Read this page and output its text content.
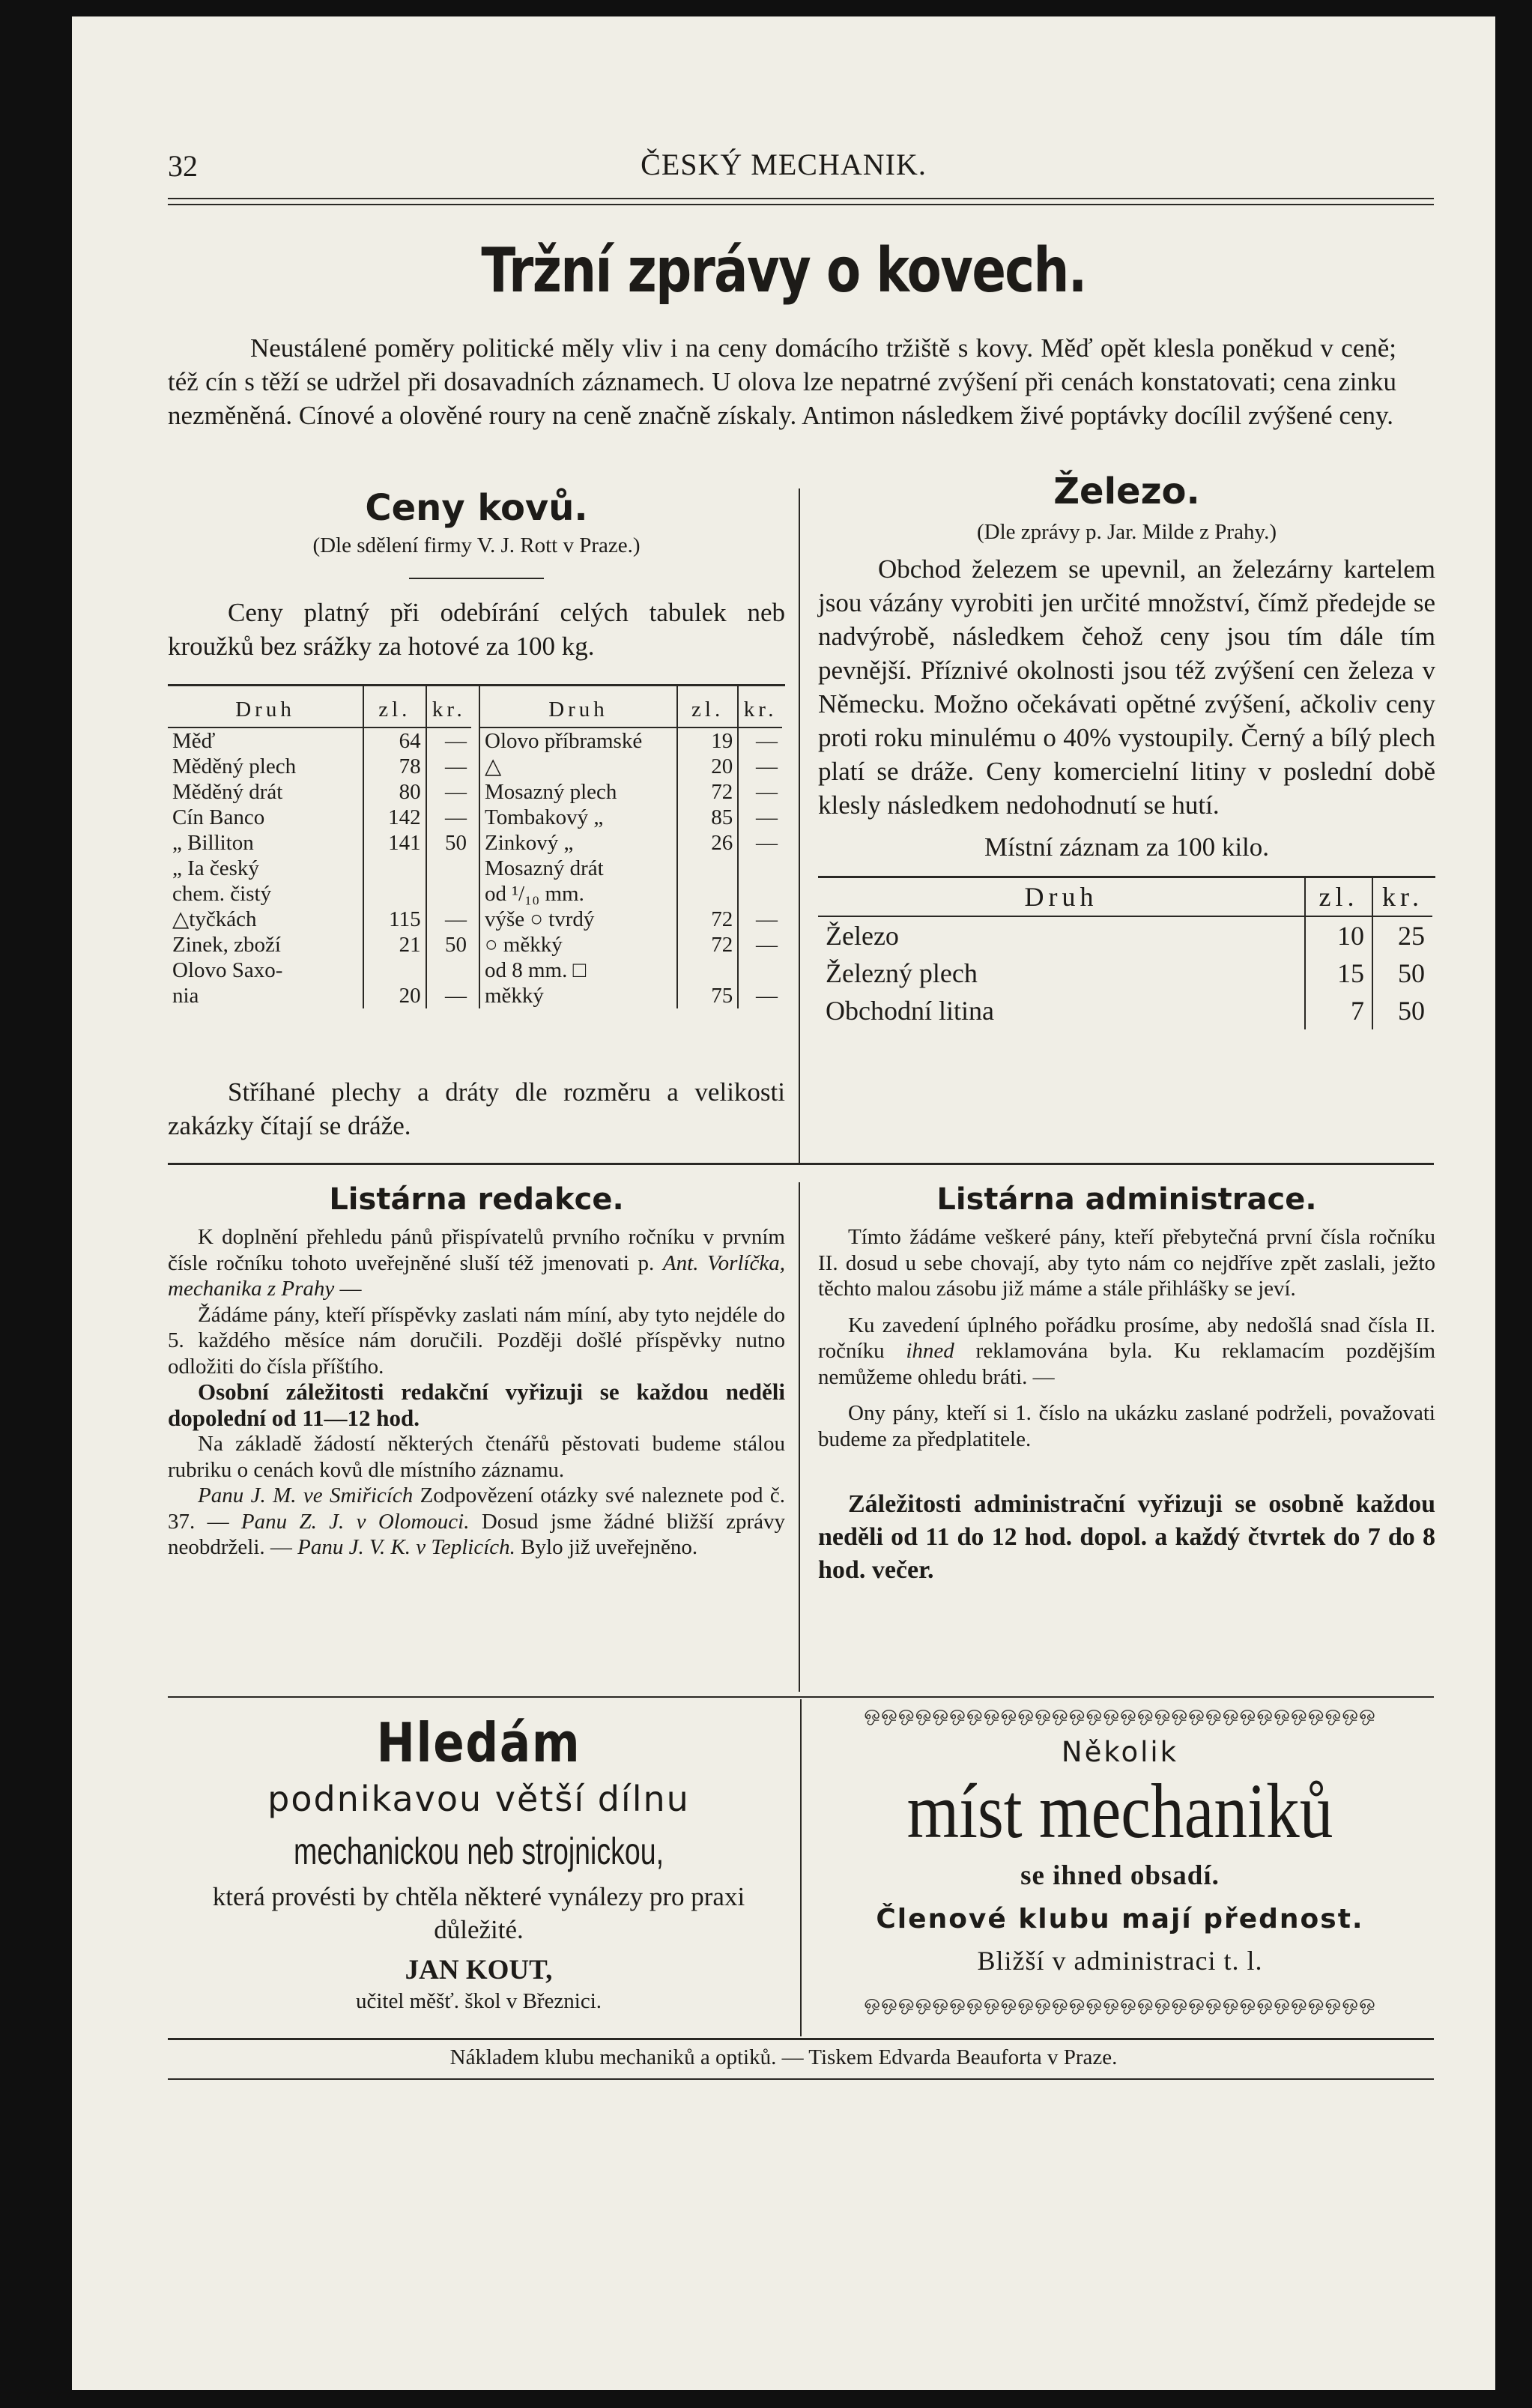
32	ČESKÝ MECHANIK.
Tržní zprávy o kovech.

Neustálené poměry politické měly vliv i na ceny domácího tržiště s kovy. Měď opět klesla poněkud v ceně; též cín s těží se udržel při dosavadních záznamech. U olova lze nepatrné zvýšení při cenách konstatovati; cena zinku nezměněná. Cínové a olověné roury na ceně značně získaly. Antimon následkem živé poptávky docílil zvýšené ceny.

Ceny kovů.

(Dle sdělení firmy V. J. Rott v Praze.)

Ceny platný při odebírání celých tabulek neb kroužků bez srážky za hotové za 100 kg.

Druh	zl.	kr.
Měď	64	—
Měděný plech	78	—
Měděný drát	80	—
Cín Banco	142	—
„ Billiton	141	50
„ Ia český		
chem. čistý		
△tyčkách	115	—
Zinek, zboží	21	50
Olovo Saxo-		
nia	20	—
Druh	zl.	kr.
Olovo příbramské	19	—
△	20	—
Mosazný plech	72	—
Tombakový „	85	—
Zinkový „	26	—
Mosazný drát		
od ¹/₁₀ mm.		
výše ○ tvrdý	72	—
○ měkký	72	—
od 8 mm. □		
měkký	75	—

Stříhané plechy a dráty dle rozměru a velikosti zakázky čítají se dráže.

Železo.

(Dle zprávy p. Jar. Milde z Prahy.)

Obchod železem se upevnil, an železárny kartelem jsou vázány vyrobiti jen určité množství, čímž předejde se nadvýrobě, následkem čehož ceny jsou tím dále tím pevnější. Příznivé okolnosti jsou též zvýšení cen železa v Německu. Možno očekávati opětné zvýšení, ačkoliv ceny proti roku minulému o 40% vystoupily. Černý a bílý plech platí se dráže. Ceny komercielní litiny v poslední době klesly následkem nedohodnutí se hutí.

Místní záznam za 100 kilo.

Druh	zl.	kr.
Železo	10	25
Železný plech	15	50
Obchodní litina	7	50
Listárna redakce.

K doplnění přehledu pánů přispívatelů prvního ročníku v prvním čísle ročníku tohoto uveřejněné sluší též jmenovati p. Ant. Vorlíčka, mechanika z Prahy —

Žádáme pány, kteří příspěvky zaslati nám míní, aby tyto nejdéle do 5. každého měsíce nám doručili. Později došlé příspěvky nutno odložiti do čísla příštího.

Osobní záležitosti redakční vyřizuji se každou neděli dopolední od 11—12 hod.

Na základě žádostí některých čtenářů pěstovati budeme stálou rubriku o cenách kovů dle místního záznamu.

Panu J. M. ve Smiřicích Zodpovězení otázky své naleznete pod č. 37. — Panu Z. J. v Olomouci. Dosud jsme žádné bližší zprávy neobdrželi. — Panu J. V. K. v Teplicích. Bylo již uveřejněno.

Listárna administrace.

Tímto žádáme veškeré pány, kteří přebytečná první čísla ročníku II. dosud u sebe chovají, aby tyto nám co nejdříve zpět zaslali, ježto těchto malou zásobu již máme a stále přihlášky se jeví.

Ku zavedení úplného pořádku prosíme, aby nedošlá snad čísla II. ročníku ihned reklamována byla. Ku reklamacím pozdějším nemůžeme ohledu bráti. —

Ony pány, kteří si 1. číslo na ukázku zaslané podrželi, považovati budeme za předplatitele.

Záležitosti administrační vyřizuji se osobně každou neděli od 11 do 12 hod. dopol. a každý čtvrtek do 7 do 8 hod. večer.

Hledám
podnikavou větší dílnu
mechanickou neb strojnickou,
která provésti by chtěla některé vynálezy pro praxi důležité.
JAN KOUT,
učitel měšť. škol v Březnici.
ஒஒஒஒஒஒஒஒஒஒஒஒஒஒஒஒஒஒஒஒஒஒஒஒஒஒஒஒஒஒ
Několik
míst mechaniků
se ihned obsadí.
Členové klubu mají přednost.
Bližší v administraci t. l.
ஒஒஒஒஒஒஒஒஒஒஒஒஒஒஒஒஒஒஒஒஒஒஒஒஒஒஒஒஒஒ
Nákladem klubu mechaniků a optiků. — Tiskem Edvarda Beauforta v Praze.
